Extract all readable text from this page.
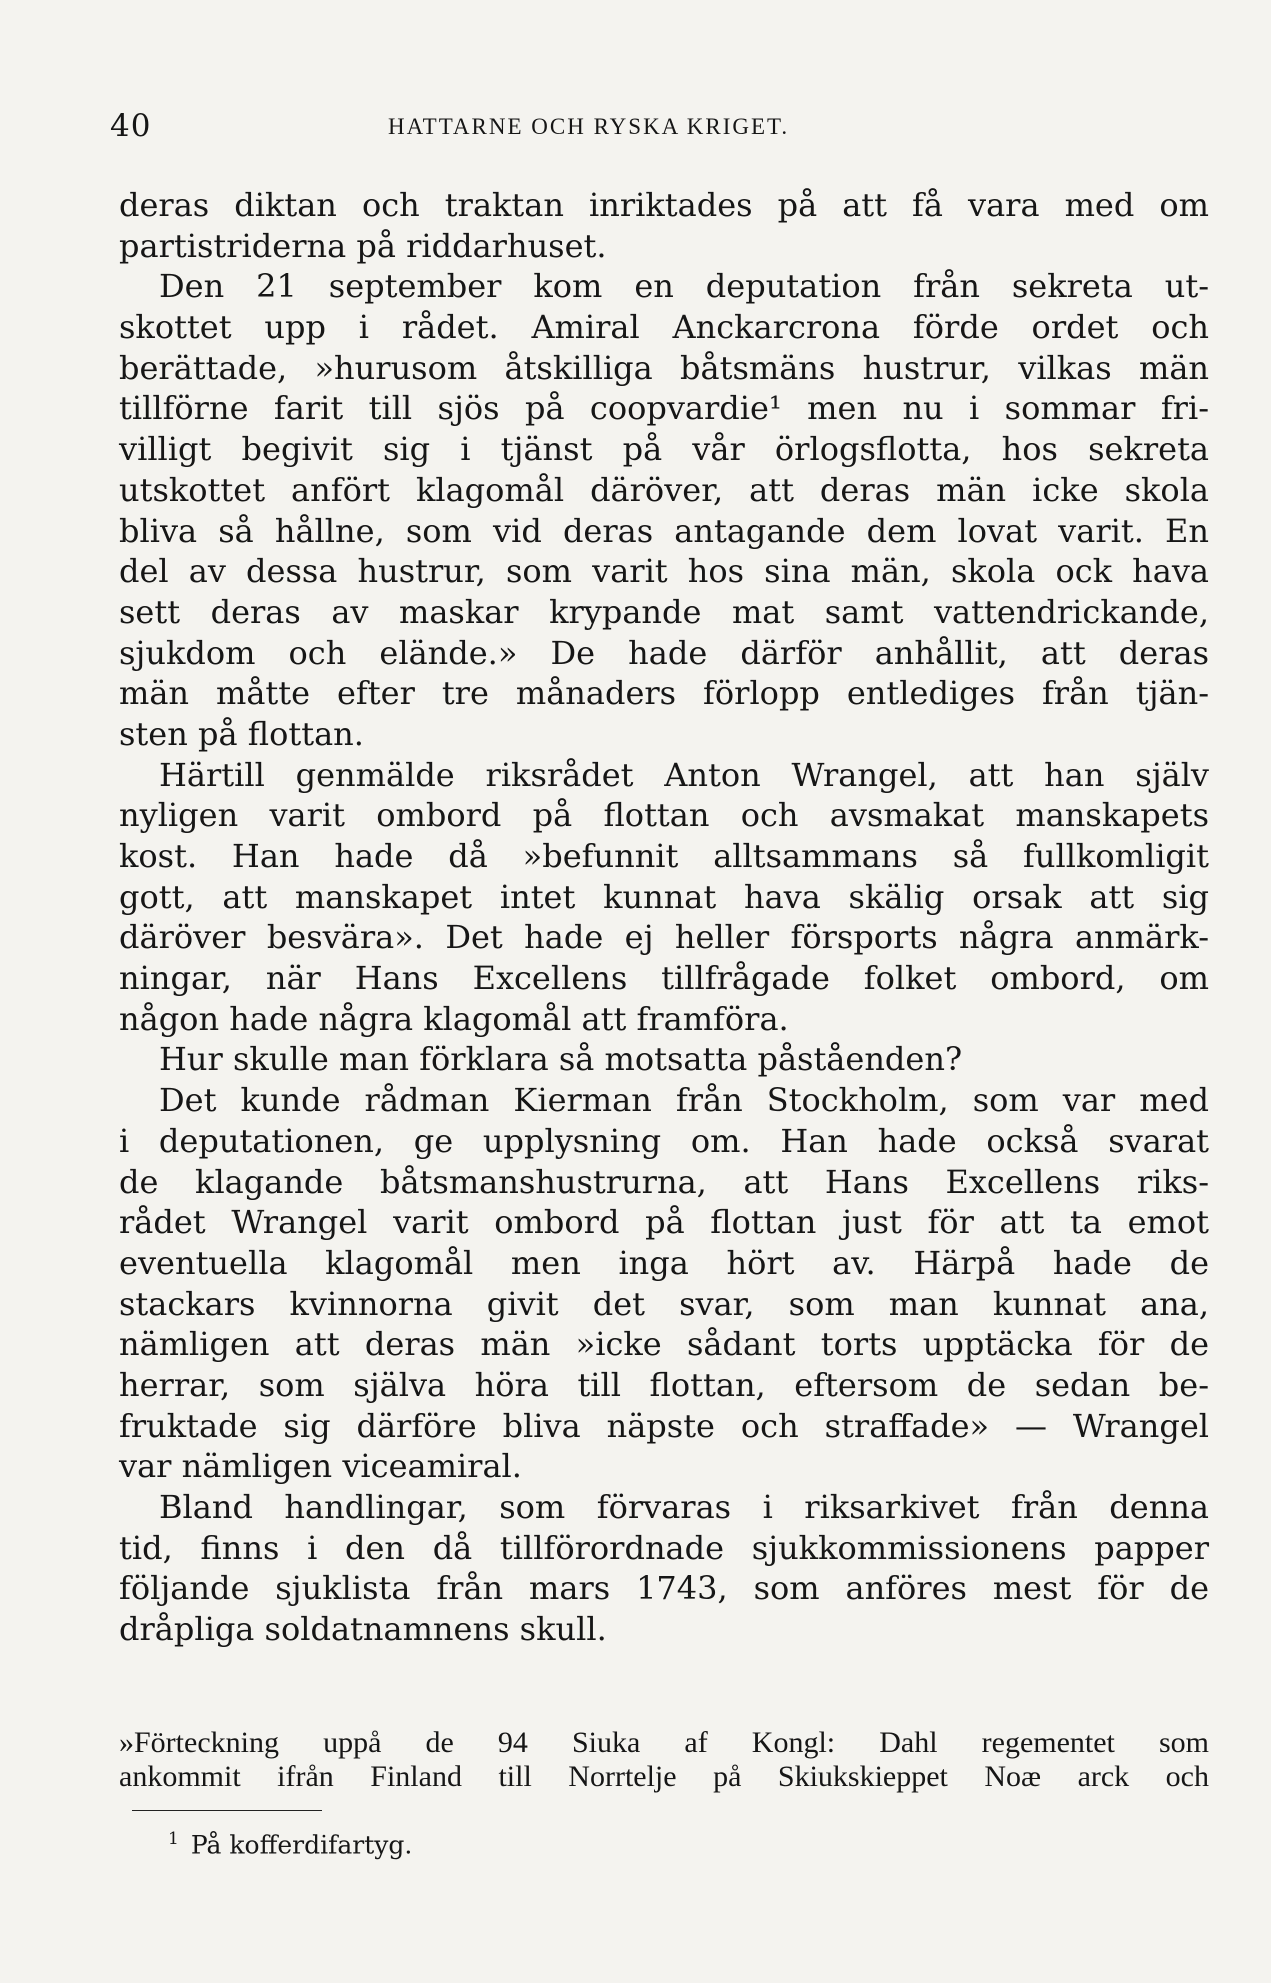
40	HATTARNE OCH RYSKA KRIGET.
deras diktan och traktan inriktades på att få vara med om
partistriderna på riddarhuset.
Den 21 september kom en deputation från sekreta ut-
skottet upp i rådet. Amiral Anckarcrona förde ordet och
berättade, »hurusom åtskilliga båtsmäns hustrur, vilkas män
tillförne farit till sjös på coopvardie¹ men nu i sommar fri-
villigt begivit sig i tjänst på vår örlogsflotta, hos sekreta
utskottet anfört klagomål däröver, att deras män icke skola
bliva så hållne, som vid deras antagande dem lovat varit. En
del av dessa hustrur, som varit hos sina män, skola ock hava
sett deras av maskar krypande mat samt vattendrickande,
sjukdom och elände.» De hade därför anhållit, att deras
män måtte efter tre månaders förlopp entlediges från tjän-
sten på flottan.
Härtill genmälde riksrådet Anton Wrangel, att han själv
nyligen varit ombord på flottan och avsmakat manskapets
kost. Han hade då »befunnit alltsammans så fullkomligit
gott, att manskapet intet kunnat hava skälig orsak att sig
däröver besvära». Det hade ej heller försports några anmärk-
ningar, när Hans Excellens tillfrågade folket ombord, om
någon hade några klagomål att framföra.
Hur skulle man förklara så motsatta påståenden?
Det kunde rådman Kierman från Stockholm, som var med
i deputationen, ge upplysning om. Han hade också svarat
de klagande båtsmanshustrurna, att Hans Excellens riks-
rådet Wrangel varit ombord på flottan just för att ta emot
eventuella klagomål men inga hört av. Härpå hade de
stackars kvinnorna givit det svar, som man kunnat ana,
nämligen att deras män »icke sådant torts upptäcka för de
herrar, som själva höra till flottan, eftersom de sedan be-
fruktade sig därföre bliva näpste och straffade» — Wrangel
var nämligen viceamiral.
Bland handlingar, som förvaras i riksarkivet från denna
tid, finns i den då tillförordnade sjukkommissionens papper
följande sjuklista från mars 1743, som anföres mest för de
dråpliga soldatnamnens skull.
»Förteckning uppå de 94 Siuka af Kongl: Dahl regementet som
ankommit ifrån Finland till Norrtelje på Skiukskieppet Noæ arck och
$^1$ På kofferdifartyg.
